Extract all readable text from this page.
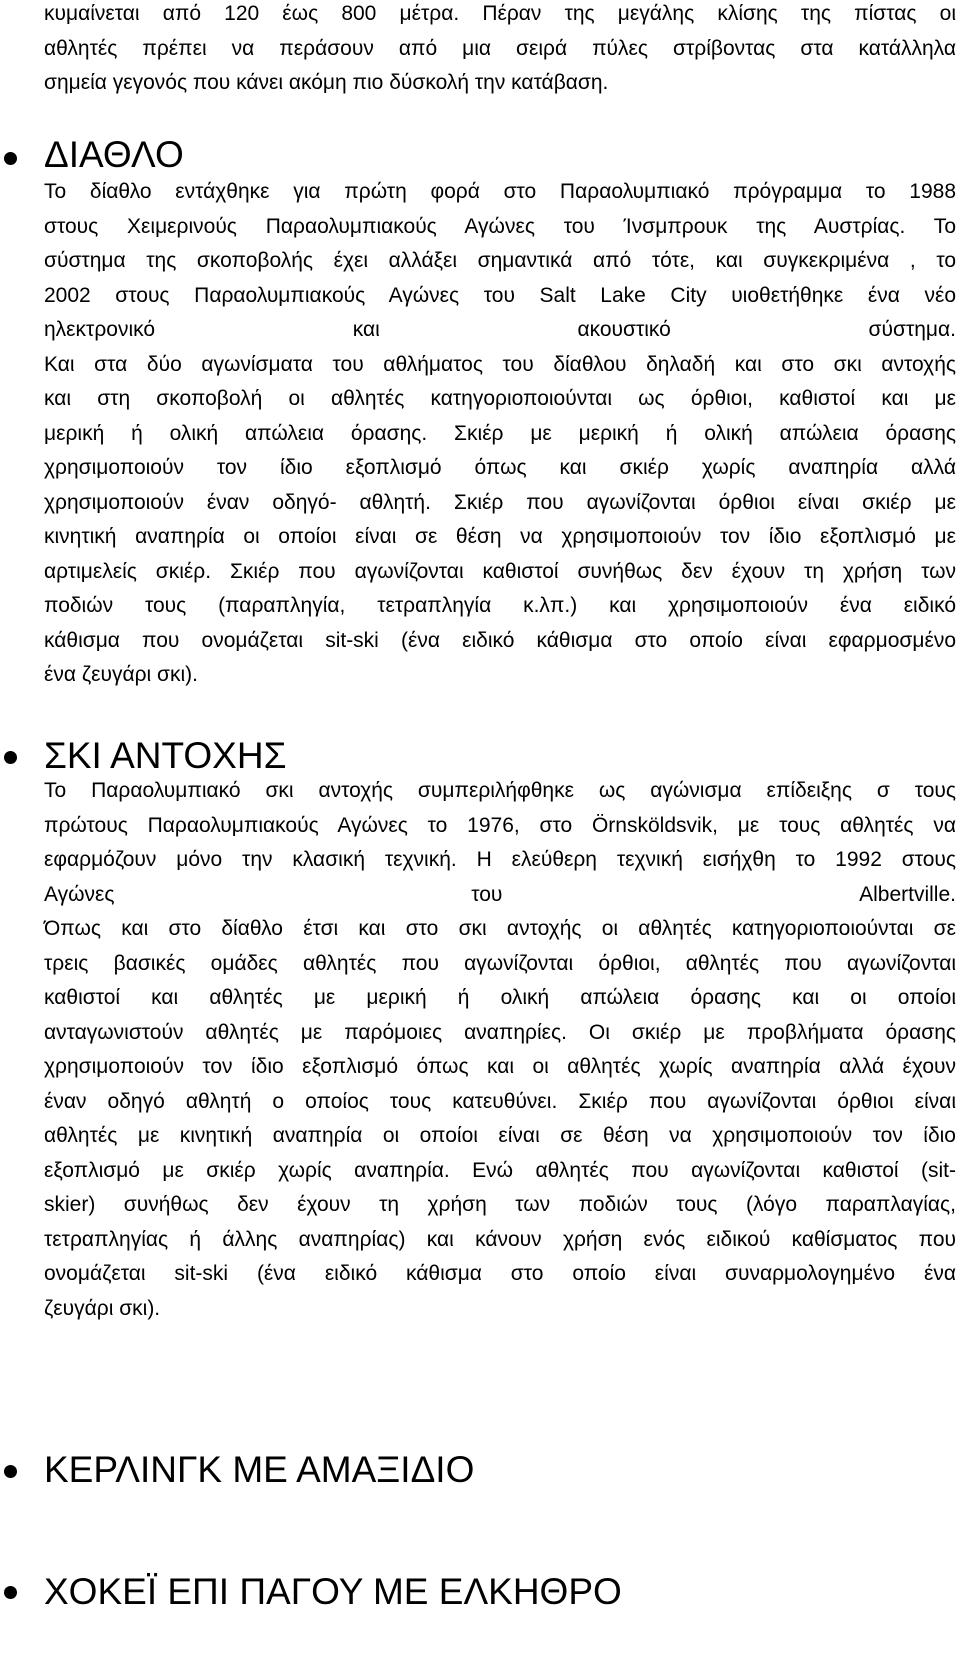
κυμαίνεται από 120 έως 800 μέτρα. Πέραν της μεγάλης κλίσης της πίστας οι
αθλητές πρέπει να περάσουν από μια σειρά πύλες στρίβοντας στα κατάλληλα
σημεία γεγονός που κάνει ακόμη πιο δύσκολή την κατάβαση.

ΔΙΑΘΛΟ

Το δίαθλο εντάχθηκε για πρώτη φορά στο Παραολυμπιακό πρόγραμμα το 1988
στους Χειμερινούς Παραολυμπιακούς Αγώνες του Ίνσμπρουκ της Αυστρίας. Το
σύστημα της σκοποβολής έχει αλλάξει σημαντικά από τότε, και συγκεκριμένα , το
2002 στους Παραολυμπιακούς Αγώνες του Salt Lake City υιοθετήθηκε ένα νέο
ηλεκτρονικό και ακουστικό σύστημα.
Και στα δύο αγωνίσματα του αθλήματος του δίαθλου δηλαδή και στο σκι αντοχής
και στη σκοποβολή οι αθλητές κατηγοριοποιούνται ως όρθιοι, καθιστοί και με
μερική ή ολική απώλεια όρασης. Σκιέρ με μερική ή ολική απώλεια όρασης
χρησιμοποιούν τον ίδιο εξοπλισμό όπως και σκιέρ χωρίς αναπηρία αλλά
χρησιμοποιούν έναν οδηγό- αθλητή. Σκιέρ που αγωνίζονται όρθιοι είναι σκιέρ με
κινητική αναπηρία οι οποίοι είναι σε θέση να χρησιμοποιούν τον ίδιο εξοπλισμό με
αρτιμελείς σκιέρ. Σκιέρ που αγωνίζονται καθιστοί συνήθως δεν έχουν τη χρήση των
ποδιών τους (παραπληγία, τετραπληγία κ.λπ.) και χρησιμοποιούν ένα ειδικό
κάθισμα που ονομάζεται sit-ski (ένα ειδικό κάθισμα στο οποίο είναι εφαρμοσμένο
ένα ζευγάρι σκι).

ΣΚΙ ΑΝΤΟΧΗΣ

Το Παραολυμπιακό σκι αντοχής συμπεριλήφθηκε ως αγώνισμα επίδειξης σ τους
πρώτους Παραολυμπιακούς Αγώνες το 1976, στο Örnsköldsvik, με τους αθλητές να
εφαρμόζουν μόνο την κλασική τεχνική. Η ελεύθερη τεχνική εισήχθη το 1992 στους
Αγώνες του Albertville.
Όπως και στο δίαθλο έτσι και στο σκι αντοχής οι αθλητές κατηγοριοποιούνται σε
τρεις βασικές ομάδες αθλητές που αγωνίζονται όρθιοι, αθλητές που αγωνίζονται
καθιστοί και αθλητές με μερική ή ολική απώλεια όρασης και οι οποίοι
ανταγωνιστούν αθλητές με παρόμοιες αναπηρίες. Οι σκιέρ με προβλήματα όρασης
χρησιμοποιούν τον ίδιο εξοπλισμό όπως και οι αθλητές χωρίς αναπηρία αλλά έχουν
έναν οδηγό αθλητή ο οποίος τους κατευθύνει. Σκιέρ που αγωνίζονται όρθιοι είναι
αθλητές με κινητική αναπηρία οι οποίοι είναι σε θέση να χρησιμοποιούν τον ίδιο
εξοπλισμό με σκιέρ χωρίς αναπηρία. Ενώ αθλητές που αγωνίζονται καθιστοί (sit-
skier) συνήθως δεν έχουν τη χρήση των ποδιών τους (λόγο παραπλαγίας,
τετραπληγίας ή άλλης αναπηρίας) και κάνουν χρήση ενός ειδικού καθίσματος που
ονομάζεται sit-ski (ένα ειδικό κάθισμα στο οποίο είναι συναρμολογημένο ένα
ζευγάρι σκι).

ΚΕΡΛΙΝΓΚ ΜΕ ΑΜΑΞΙΔΙΟ
ΧΟΚΕΪ ΕΠΙ ΠΑΓΟΥ ΜΕ ΕΛΚΗΘΡΟ
